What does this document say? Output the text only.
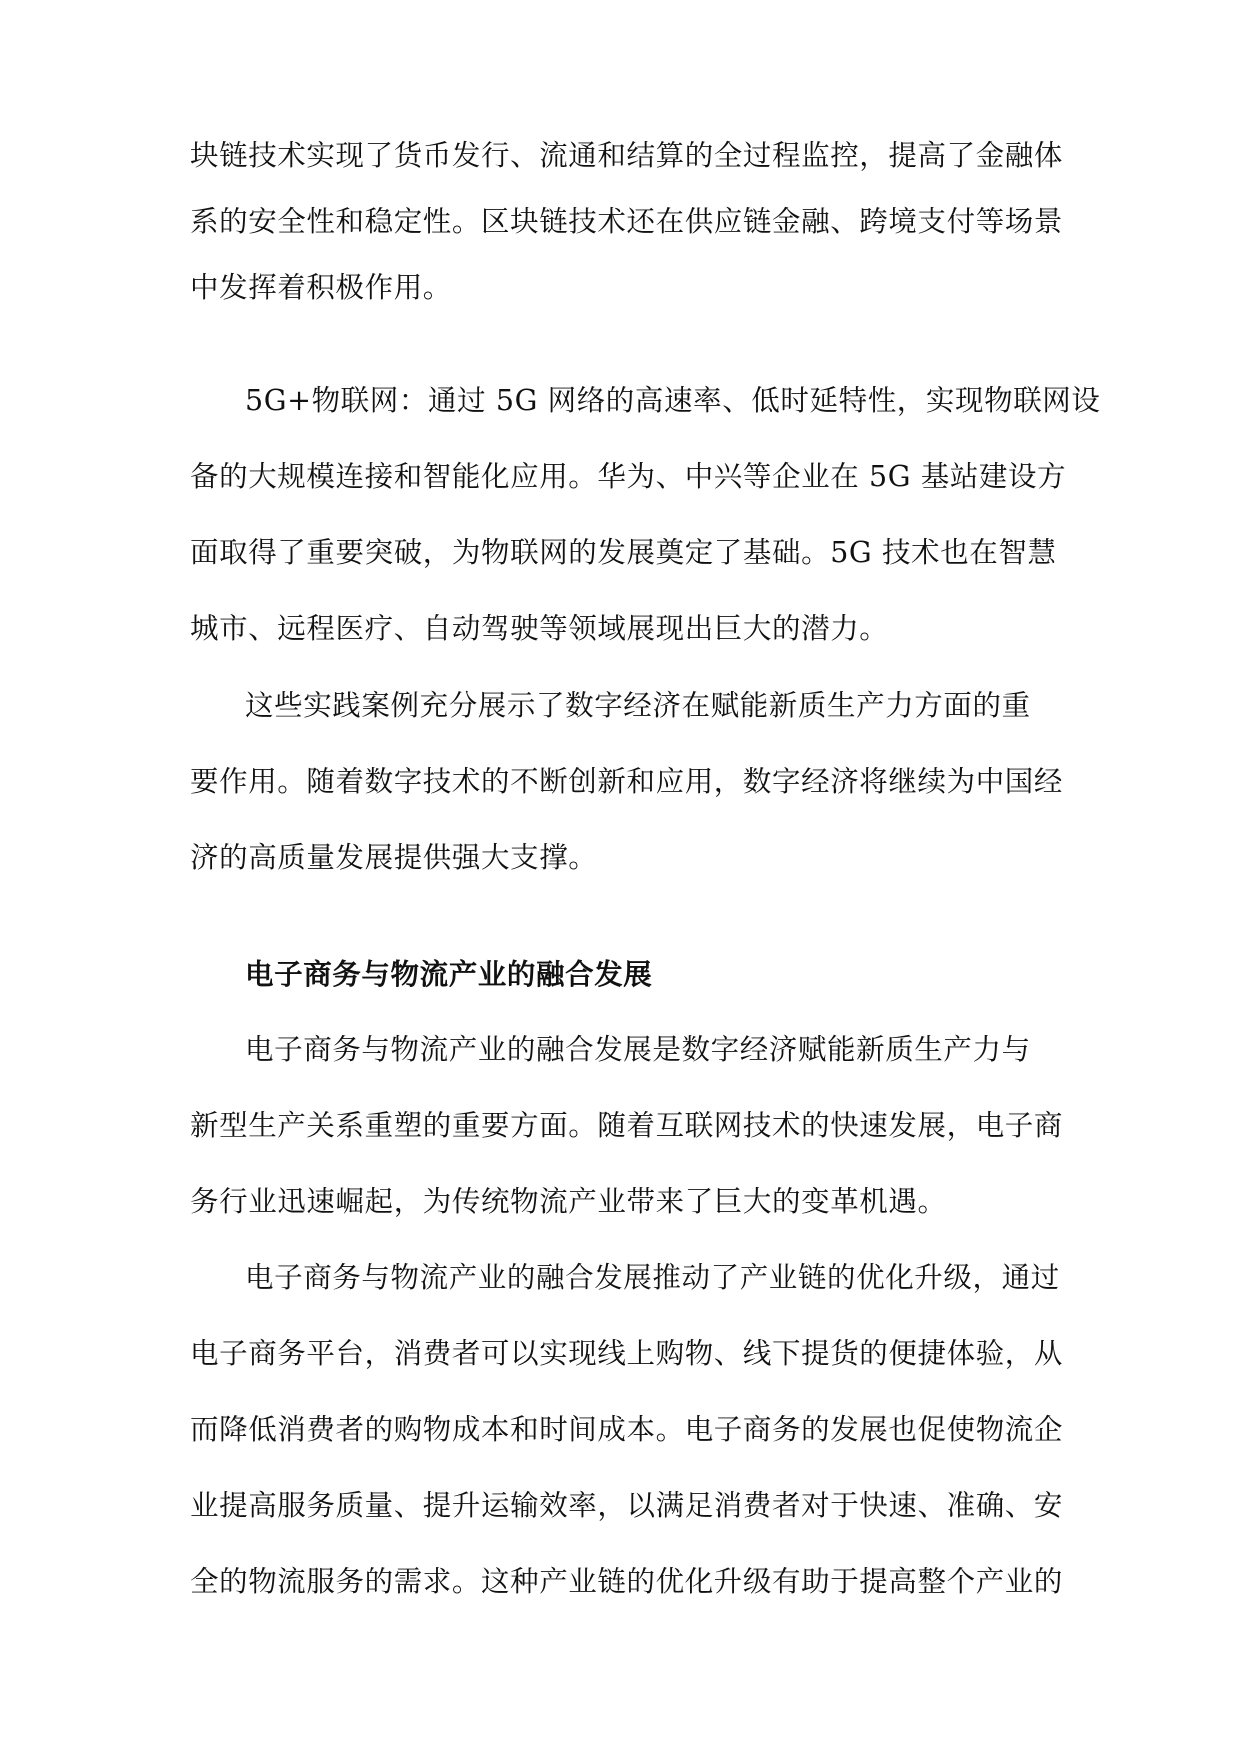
块链技术实现了货币发行、流通和结算的全过程监控，提高了金融体
系的安全性和稳定性。区块链技术还在供应链金融、跨境支付等场景
中发挥着积极作用。
5G+物联网：通过 5G 网络的高速率、低时延特性，实现物联网设
备的大规模连接和智能化应用。华为、中兴等企业在 5G 基站建设方
面取得了重要突破，为物联网的发展奠定了基础。5G 技术也在智慧
城市、远程医疗、自动驾驶等领域展现出巨大的潜力。
这些实践案例充分展示了数字经济在赋能新质生产力方面的重
要作用。随着数字技术的不断创新和应用，数字经济将继续为中国经
济的高质量发展提供强大支撑。
电子商务与物流产业的融合发展
电子商务与物流产业的融合发展是数字经济赋能新质生产力与
新型生产关系重塑的重要方面。随着互联网技术的快速发展，电子商
务行业迅速崛起，为传统物流产业带来了巨大的变革机遇。
电子商务与物流产业的融合发展推动了产业链的优化升级，通过
电子商务平台，消费者可以实现线上购物、线下提货的便捷体验，从
而降低消费者的购物成本和时间成本。电子商务的发展也促使物流企
业提高服务质量、提升运输效率，以满足消费者对于快速、准确、安
全的物流服务的需求。这种产业链的优化升级有助于提高整个产业的
